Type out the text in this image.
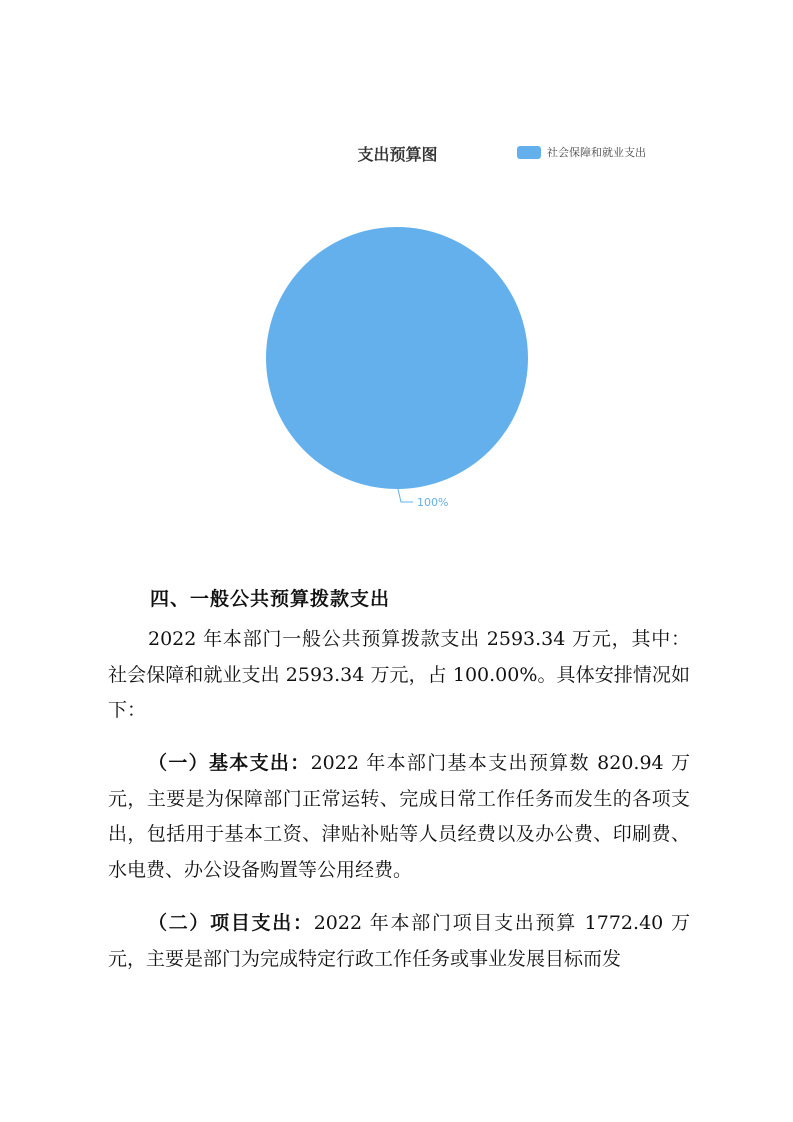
支出预算图	社会保障和就业支出
100%
四、一般公共预算拨款支出
2022 年本部门一般公共预算拨款支出 2593.34 万元，其中：社会保障和就业支出 2593.34 万元，占 100.00%。具体安排情况如下：
（一）基本支出：2022 年本部门基本支出预算数 820.94 万元，主要是为保障部门正常运转、完成日常工作任务而发生的各项支出，包括用于基本工资、津贴补贴等人员经费以及办公费、印刷费、水电费、办公设备购置等公用经费。
（二）项目支出：2022 年本部门项目支出预算 1772.40 万元，主要是部门为完成特定行政工作任务或事业发展目标而发
